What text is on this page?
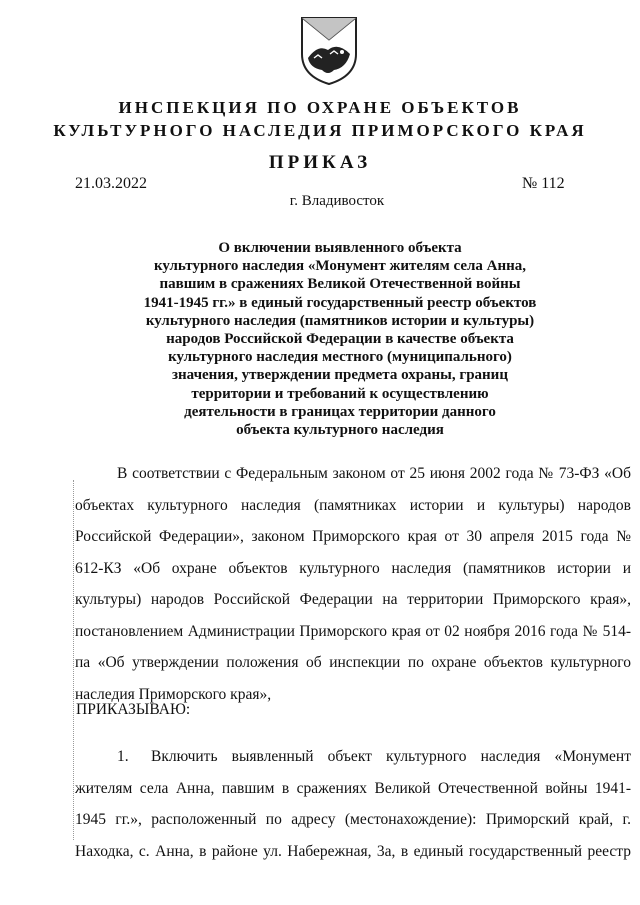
ИНСПЕКЦИЯ ПО ОХРАНЕ ОБЪЕКТОВ
КУЛЬТУРНОГО НАСЛЕДИЯ ПРИМОРСКОГО КРАЯ
ПРИКАЗ
21.03.2022	№ 112
г. Владивосток
О включении выявленного объекта
культурного наследия «Монумент жителям села Анна,
павшим в сражениях Великой Отечественной войны
1941-1945 гг.» в единый государственный реестр объектов
культурного наследия (памятников истории и культуры)
народов Российской Федерации в качестве объекта
культурного наследия местного (муниципального)
значения, утверждении предмета охраны, границ
территории и требований к осуществлению
деятельности в границах территории данного
объекта культурного наследия
В соответствии с Федеральным законом от 25 июня 2002 года № 73-ФЗ «Об
объектах культурного наследия (памятниках истории и культуры) народов
Российской Федерации», законом Приморского края от 30 апреля 2015 года №
612-КЗ «Об охране объектов культурного наследия (памятников истории и
культуры) народов Российской Федерации на территории Приморского края»,
постановлением Администрации Приморского края от 02 ноября 2016 года № 514-
па «Об утверждении положения об инспекции по охране объектов культурного
наследия Приморского края»,
ПРИКАЗЫВАЮ:
1. Включить выявленный объект культурного наследия «Монумент
жителям села Анна, павшим в сражениях Великой Отечественной войны 1941-
1945 гг.», расположенный по адресу (местонахождение): Приморский край, г.
Находка, с. Анна, в районе ул. Набережная, 3а, в единый государственный реестр
